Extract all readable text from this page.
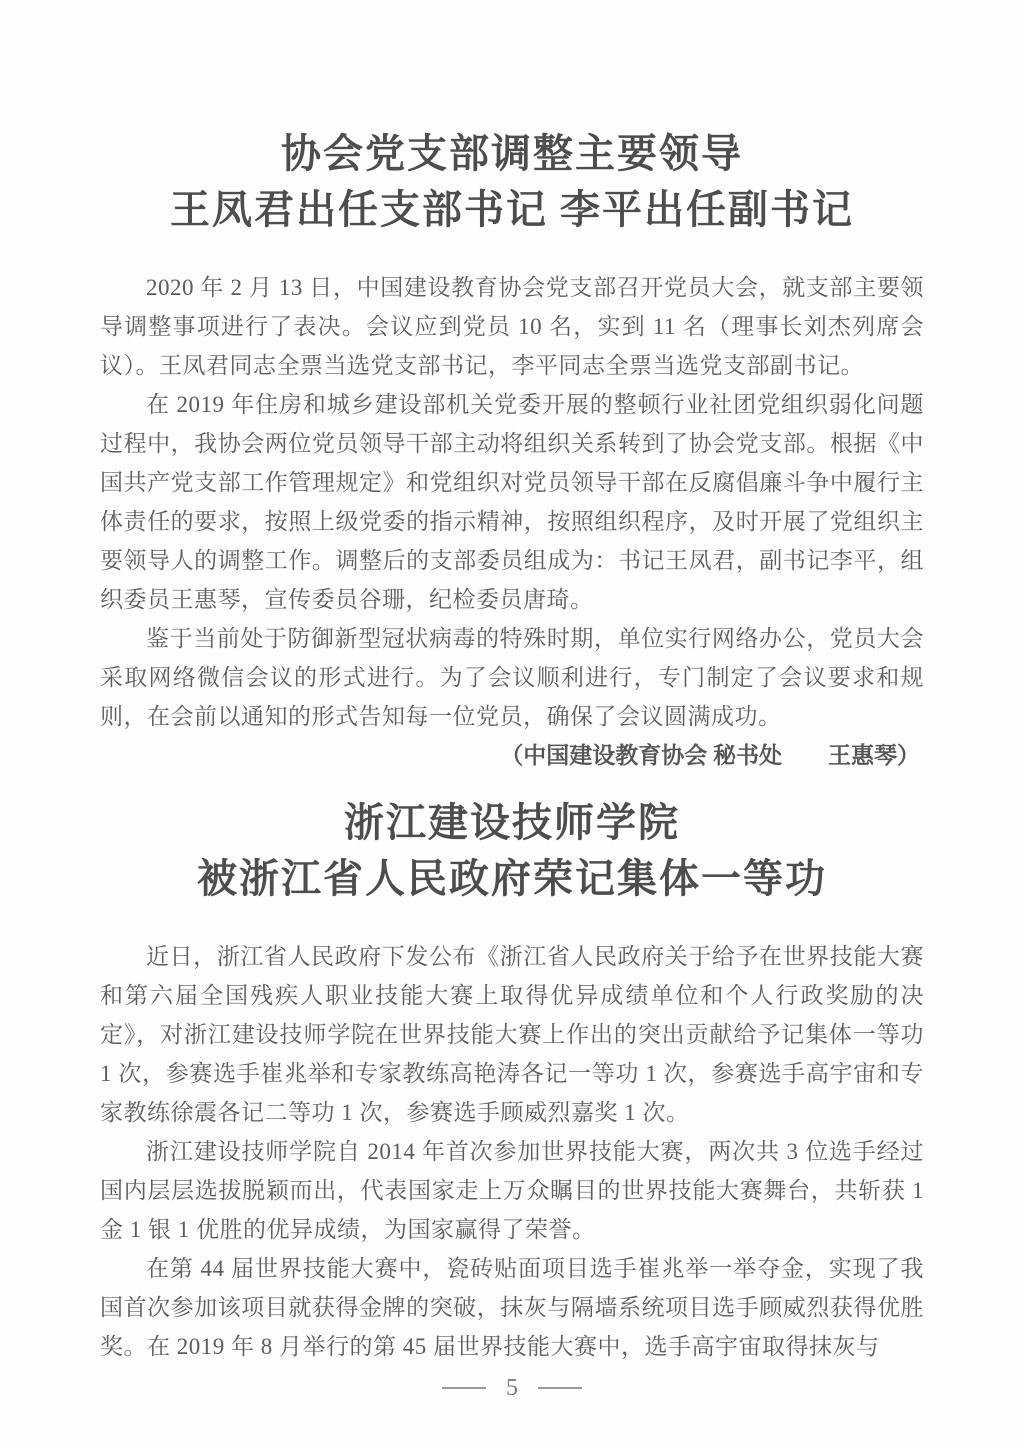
协会党支部调整主要领导
王凤君出任支部书记 李平出任副书记

2020 年 2 月 13 日，中国建设教育协会党支部召开党员大会，就支部主要领导调整事项进行了表决。会议应到党员 10 名，实到 11 名（理事长刘杰列席会议）。王凤君同志全票当选党支部书记，李平同志全票当选党支部副书记。

在 2019 年住房和城乡建设部机关党委开展的整顿行业社团党组织弱化问题过程中，我协会两位党员领导干部主动将组织关系转到了协会党支部。根据《中国共产党支部工作管理规定》和党组织对党员领导干部在反腐倡廉斗争中履行主体责任的要求，按照上级党委的指示精神，按照组织程序，及时开展了党组织主要领导人的调整工作。调整后的支部委员组成为：书记王凤君，副书记李平，组织委员王惠琴，宣传委员谷珊，纪检委员唐琦。

鉴于当前处于防御新型冠状病毒的特殊时期，单位实行网络办公，党员大会采取网络微信会议的形式进行。为了会议顺利进行，专门制定了会议要求和规则，在会前以通知的形式告知每一位党员，确保了会议圆满成功。

（中国建设教育协会 秘书处　　王惠琴）

浙江建设技师学院
被浙江省人民政府荣记集体一等功

近日，浙江省人民政府下发公布《浙江省人民政府关于给予在世界技能大赛和第六届全国残疾人职业技能大赛上取得优异成绩单位和个人行政奖励的决定》，对浙江建设技师学院在世界技能大赛上作出的突出贡献给予记集体一等功 1 次，参赛选手崔兆举和专家教练高艳涛各记一等功 1 次，参赛选手高宇宙和专家教练徐震各记二等功 1 次，参赛选手顾威烈嘉奖 1 次。

浙江建设技师学院自 2014 年首次参加世界技能大赛，两次共 3 位选手经过国内层层选拔脱颖而出，代表国家走上万众瞩目的世界技能大赛舞台，共斩获 1 金 1 银 1 优胜的优异成绩，为国家赢得了荣誉。

在第 44 届世界技能大赛中，瓷砖贴面项目选手崔兆举一举夺金，实现了我国首次参加该项目就获得金牌的突破，抹灰与隔墙系统项目选手顾威烈获得优胜奖。在 2019 年 8 月举行的第 45 届世界技能大赛中，选手高宇宙取得抹灰与

5
